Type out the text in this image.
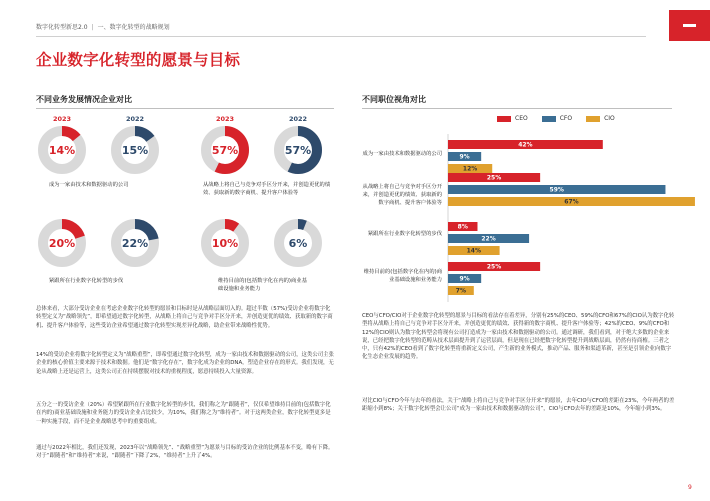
数字化转型新思2.0 | 一、数字化转型的战略规划
企业数字化转型的愿景与目标
不同业务发展情况企业对比
2023	2022
14%	15%
成为一家由技术和数据驱动的公司
2023	2022
57%	57%
从战略上将自己与竞争对手区分开来，并创造更优的绩效、获取新的数字商机、提升客户体验等
20%	22%
紧跟所在行业数字化转型的步伐
10%	6%
维持目前的(包括数字化在内的)商业基础设施和业务能力
不同职位视角对比
CEO	CFO	CIO
成为一家由技术和数据驱动的公司
从战略上将自己与竞争对手区分开来，并创造更优的绩效、获取新的数字商机、提升客户体验等
紧跟所在行业数字化转型的步伐
维持目前的(包括数字化在内的)商业基础设施和业务能力
42%
9%
12%
25%
59%
67%
8%
22%
14%
25%
9%
7%
总体来看，大部分受访企业在考虑企业数字化转型的愿景和目标时是从战略层面切入的。超过半数（57%)受访企业将数字化转型定义为“战略领先”，即希望通过数字化转型，从战略上将自己与竞争对手区分开来，并创造更优的绩效、获取新的数字商机、提升客户体验等，这些受访企业希望通过数字化转型实现差异化战略，助企业带来战略性优势。
14%的受访企业将数字化转型定义为“战略重塑”，即希望通过数字化转型，成为一家由技术和数据驱动的公司，这类公司主张企业的核心价值主要来源于技术和数据。他们是“数字化存在”，数字化成为企业的DNA，塑造企业存在的形式。我们发现，无论从战略上还是运营上，这类公司正在持续摆脱对技术的重视程度，愿意持续投入大量资源。
五分之一的受访企业（20%）希望紧跟所在行业数字化转型的步伐，我们称之为“跟随者”，仅仅希望维持目前的(包括数字化在内的)商业基础设施和业务能力的受访企业占比较少，为10%，我们称之为“维持者”。对于这两类企业，数字化转型更多是一种实施手段，而不是企业战略思考中的重要组成。
通过与2022年相比，我们还发现，2023年以“战略领先”、“战略重塑”为愿景与目标的受访企业的比例基本不变，略有下降。对于“跟随者”和“维持者”来说，“跟随者”下降了2%，“维持者”上升了4%。
CEO与CFO/CIO对于企业数字化转型的愿景与目标的看法存在着差异，分别有25%的CEO、59%的CFO和67%的CIO认为数字化转型将从战略上将自己与竞争对手区分开来，并创造更优的绩效、获得新的数字商机、提升客户体验等；42%的CEO、9%的CFO和12%的CIO则认为数字化转型会将现有公司打造成为一家由技术和数据驱动的公司。通过调研，我们看到，对于绝大多数的企业来说，已经把数字化转型的范畴从技术层面提升到了运营层面，但是现在已经把数字化转型提升到战略层面，仍然有待商榷。三者之中，只有42%的CEO看到了数字化转型将重新定义公司，产生新的业务模式，推动产品、服务和渠道革新，甚至是引领企业向数字化生态企业发展的趋势。
对比CIO与CFO今年与去年的看法，关于“战略上将自己与竞争对手区分开来”的愿景，去年CIO与CFO的差距在23%，今年两者的差距缩小到8%；关于数字化转型会让公司“成为一家由技术和数据驱动的公司”，CIO与CFO去年的差距是10%，今年缩小到3%。
9
